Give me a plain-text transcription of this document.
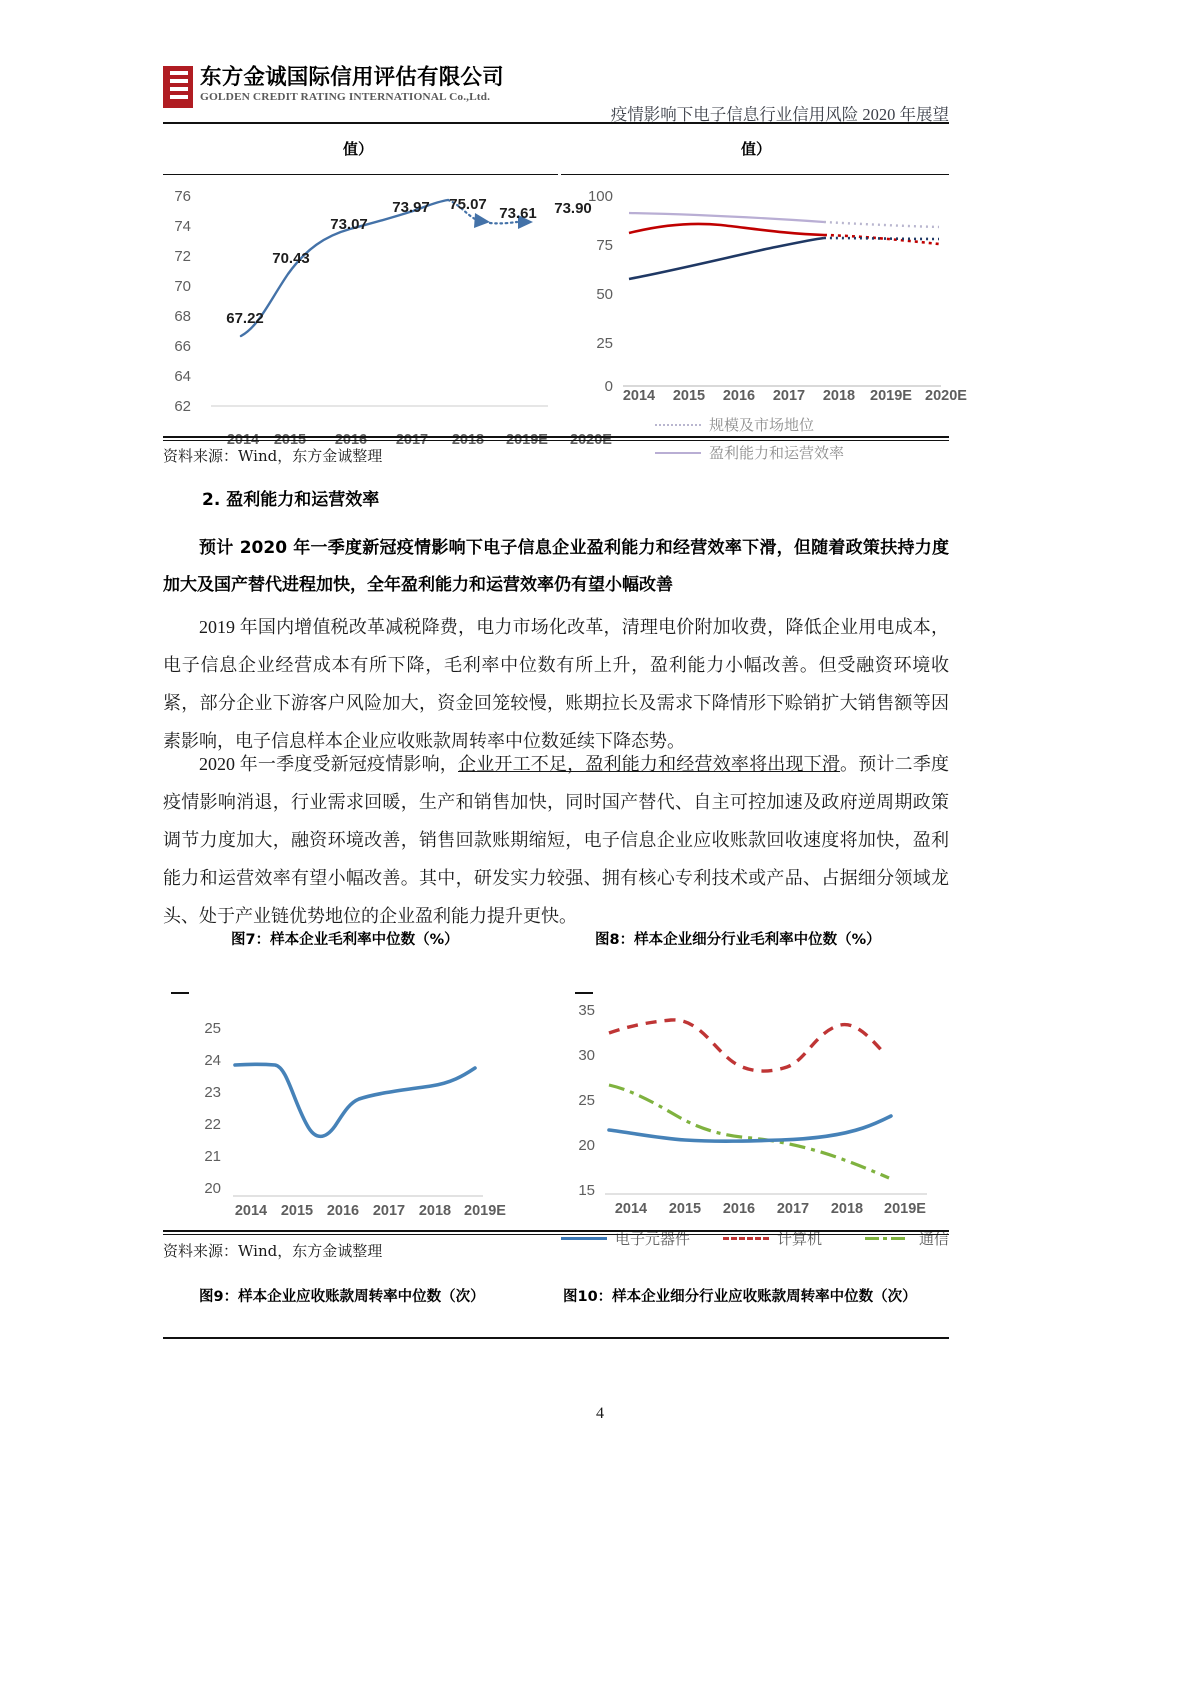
东方金诚国际信用评估有限公司
GOLDEN CREDIT RATING INTERNATIONAL Co.,Ltd.
疫情影响下电子信息行业信用风险 2020 年展望
值）	值）
76
74
72
70
68
66
64
62
67.22
70.43
73.07
73.97 75.07
73.61 73.90
2014 2015 2016 2017 2018 2019E 2020E
100
75
50
25
0
2014 2015 2016 2017 2018 2019E 2020E
规模及市场地位
盈利能力和运营效率
资料来源：Wind，东方金诚整理
2. 盈利能力和运营效率
预计 2020 年一季度新冠疫情影响下电子信息企业盈利能力和经营效率下滑，但随着政策扶持力度加大及国产替代进程加快，全年盈利能力和运营效率仍有望小幅改善
2019 年国内增值税改革减税降费，电力市场化改革，清理电价附加收费，降低企业用电成本，电子信息企业经营成本有所下降，毛利率中位数有所上升，盈利能力小幅改善。但受融资环境收紧，部分企业下游客户风险加大，资金回笼较慢，账期拉长及需求下降情形下赊销扩大销售额等因素影响，电子信息样本企业应收账款周转率中位数延续下降态势。
2020 年一季度受新冠疫情影响，企业开工不足，盈利能力和经营效率将出现下滑。预计二季度疫情影响消退，行业需求回暖，生产和销售加快，同时国产替代、自主可控加速及政府逆周期政策调节力度加大，融资环境改善，销售回款账期缩短，电子信息企业应收账款回收速度将加快，盈利能力和运营效率有望小幅改善。其中，研发实力较强、拥有核心专利技术或产品、占据细分领域龙头、处于产业链优势地位的企业盈利能力提升更快。
图7：样本企业毛利率中位数（%）	图8：样本企业细分行业毛利率中位数（%）
25
24
23
22
21
20
2014 2015 2016 2017 2018 2019E
35
30
25
20
15
2014 2015 2016 2017 2018 2019E
电子元器件	计算机	通信
资料来源：Wind，东方金诚整理
图9：样本企业应收账款周转率中位数（次）	图10：样本企业细分行业应收账款周转率中位数（次）
4
